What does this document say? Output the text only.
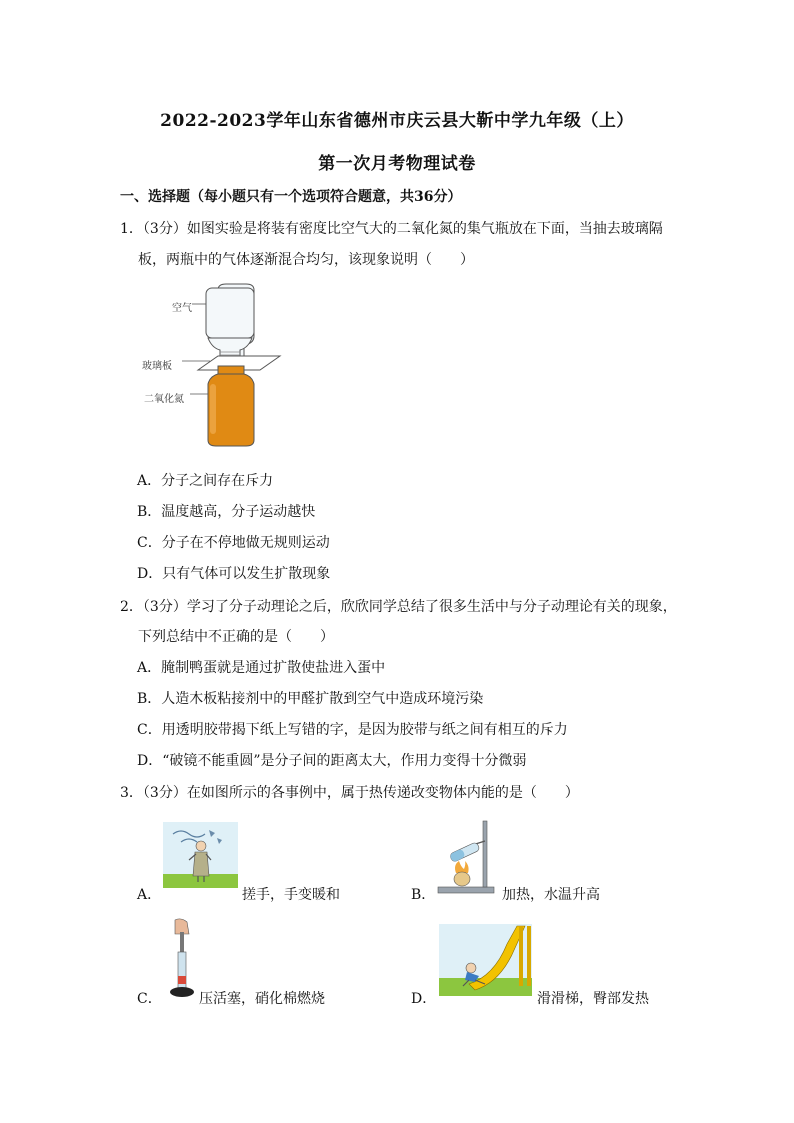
2022-2023学年山东省德州市庆云县大靳中学九年级（上）
第一次月考物理试卷
一、选择题（每小题只有一个选项符合题意，共36分）
1．（3分）如图实验是将装有密度比空气大的二氧化氮的集气瓶放在下面，当抽去玻璃隔
板，两瓶中的气体逐渐混合均匀，该现象说明（　　）
空气
玻璃板
二氧化氮
A．分子之间存在斥力
B．温度越高，分子运动越快
C．分子在不停地做无规则运动
D．只有气体可以发生扩散现象
2．（3分）学习了分子动理论之后，欣欣同学总结了很多生活中与分子动理论有关的现象，
下列总结中不正确的是（　　）
A．腌制鸭蛋就是通过扩散使盐进入蛋中
B．人造木板粘接剂中的甲醛扩散到空气中造成环境污染
C．用透明胶带揭下纸上写错的字，是因为胶带与纸之间有相互的斥力
D．“破镜不能重圆”是分子间的距离太大，作用力变得十分微弱
3．（3分）在如图所示的各事例中，属于热传递改变物体内能的是（　　）
A．	搓手，手变暖和	B．	加热，水温升高
C．	压活塞，硝化棉燃烧	D．	滑滑梯，臀部发热
